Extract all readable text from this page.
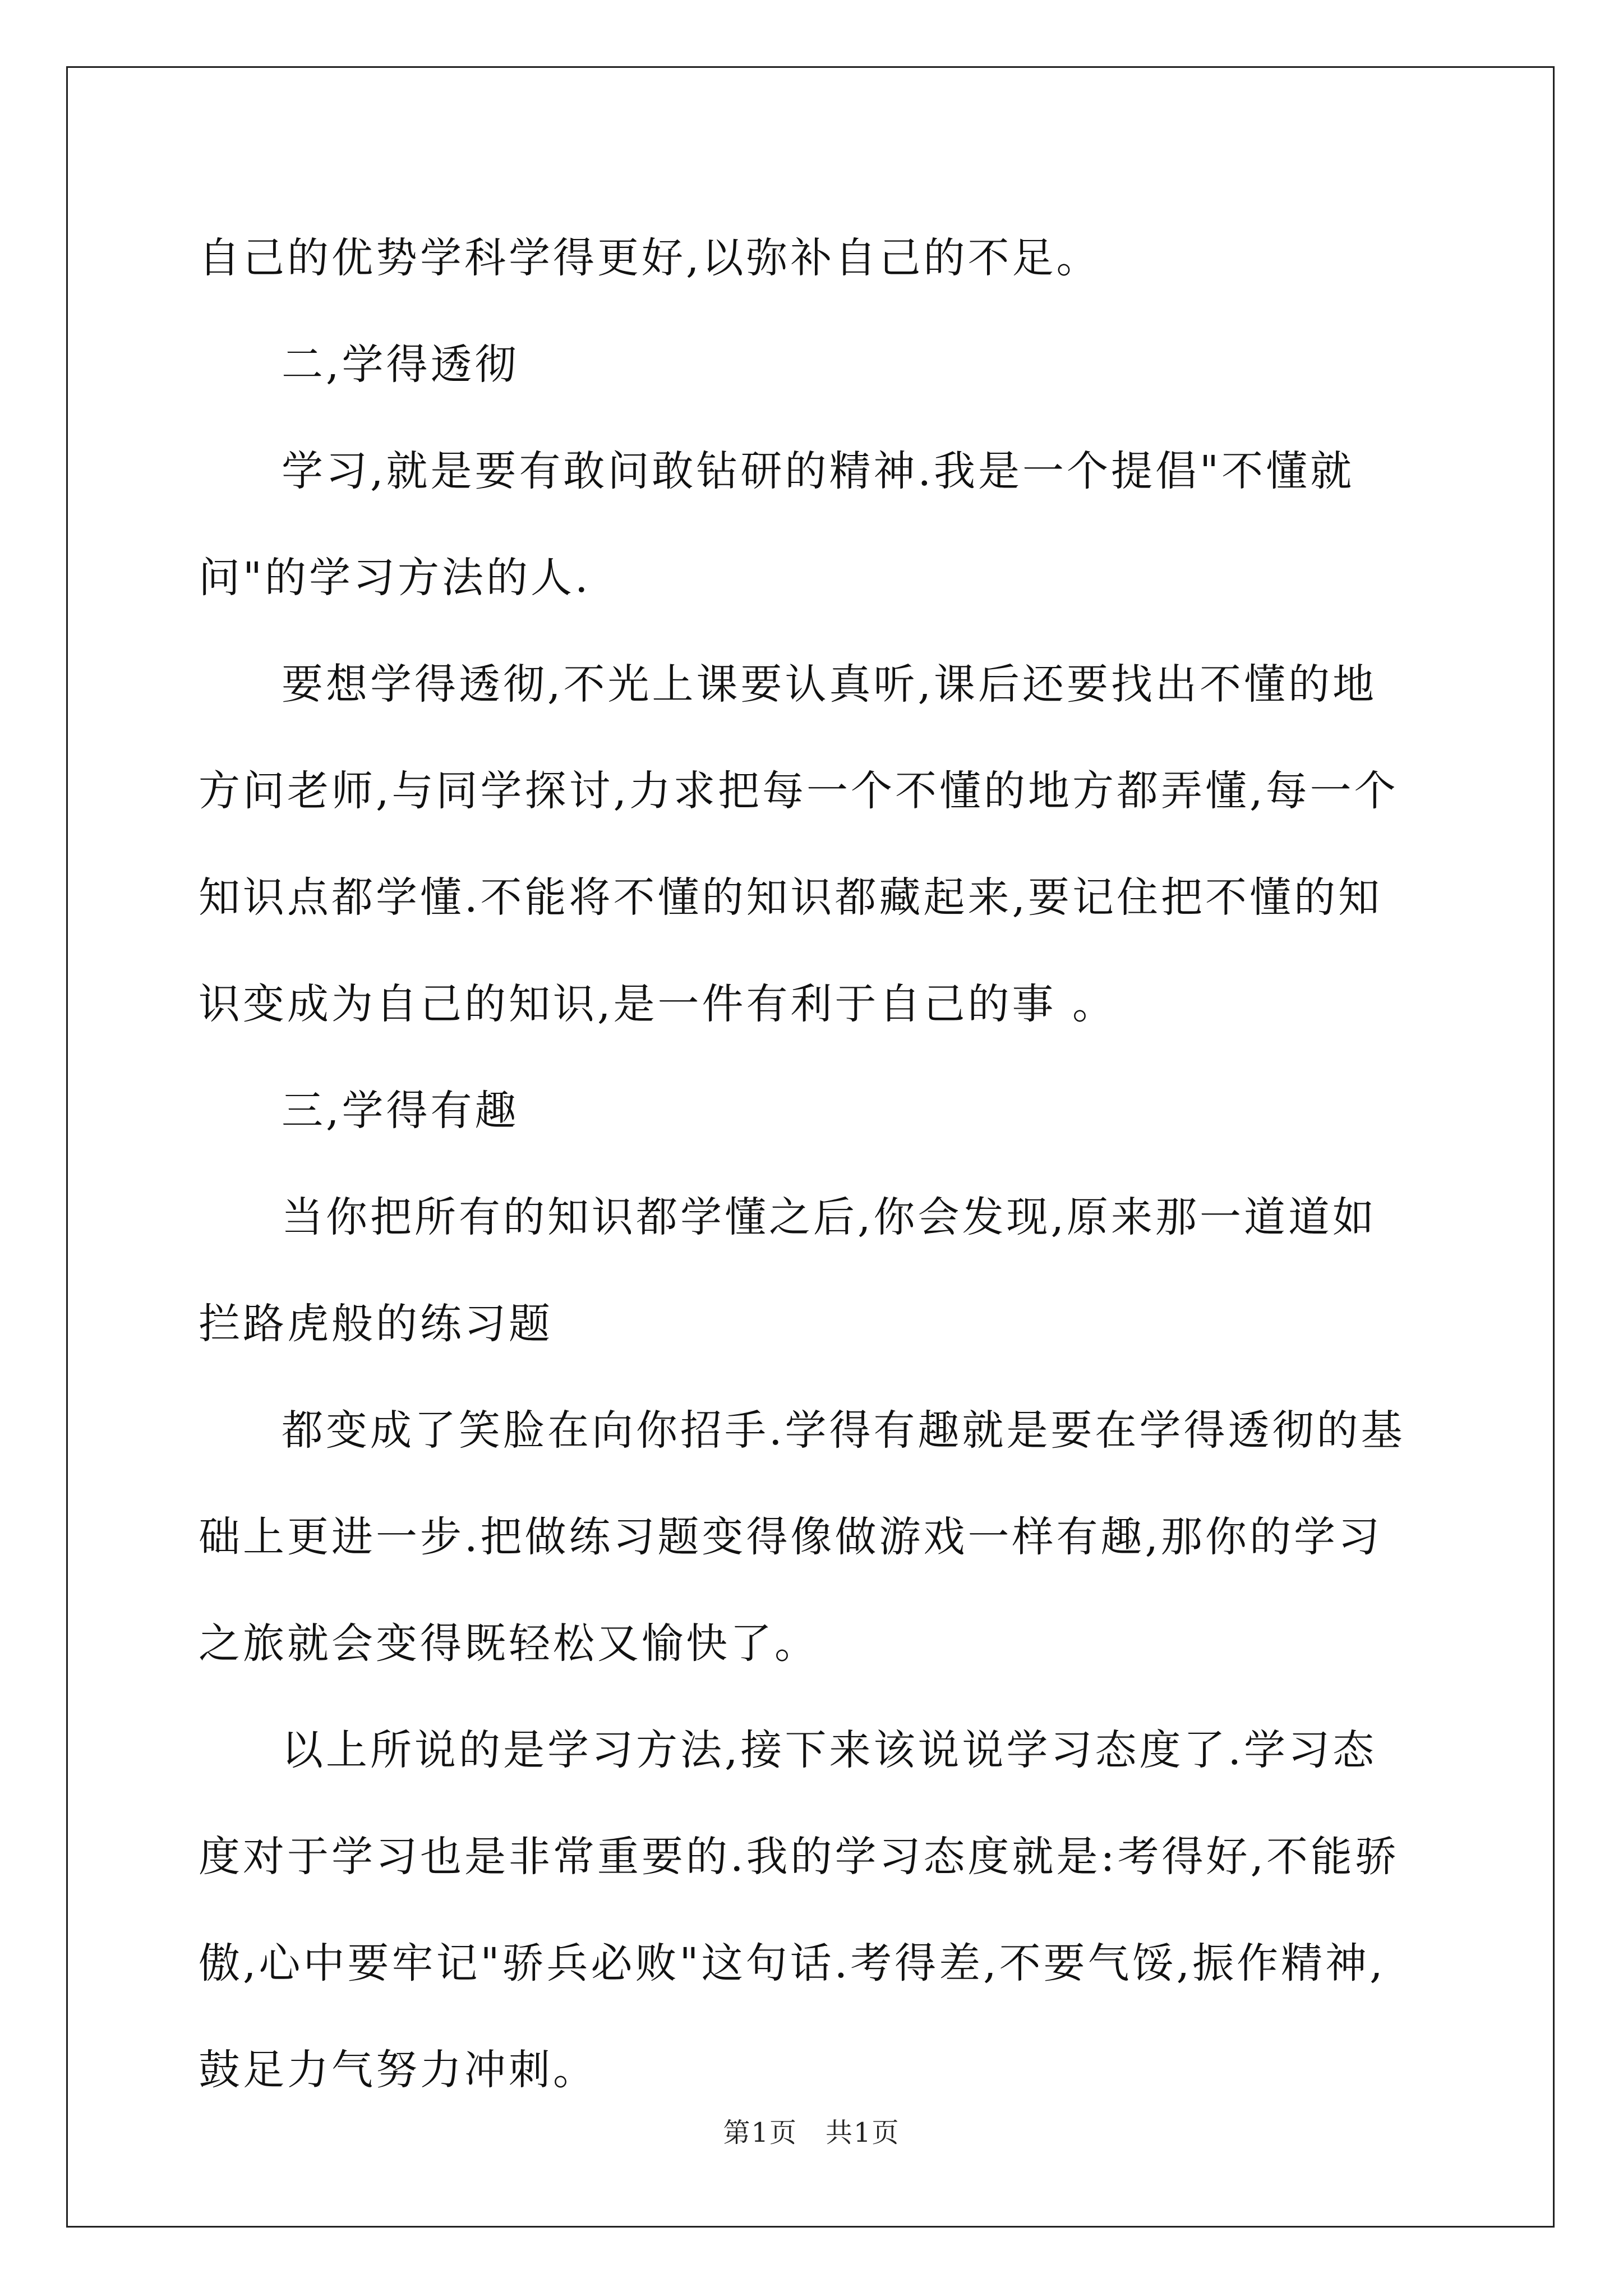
自己的优势学科学得更好,以弥补自己的不足。

二,学得透彻

学习,就是要有敢问敢钻研的精神.我是一个提倡"不懂就问"的学习方法的人.

要想学得透彻,不光上课要认真听,课后还要找出不懂的地方问老师,与同学探讨,力求把每一个不懂的地方都弄懂,每一个知识点都学懂.不能将不懂的知识都藏起来,要记住把不懂的知识变成为自己的知识,是一件有利于自己的事 。

三,学得有趣

当你把所有的知识都学懂之后,你会发现,原来那一道道如拦路虎般的练习题

都变成了笑脸在向你招手.学得有趣就是要在学得透彻的基础上更进一步.把做练习题变得像做游戏一样有趣,那你的学习之旅就会变得既轻松又愉快了。

以上所说的是学习方法,接下来该说说学习态度了.学习态度对于学习也是非常重要的.我的学习态度就是:考得好,不能骄傲,心中要牢记"骄兵必败"这句话.考得差,不要气馁,振作精神,鼓足力气努力冲刺。

第1页　共1页
